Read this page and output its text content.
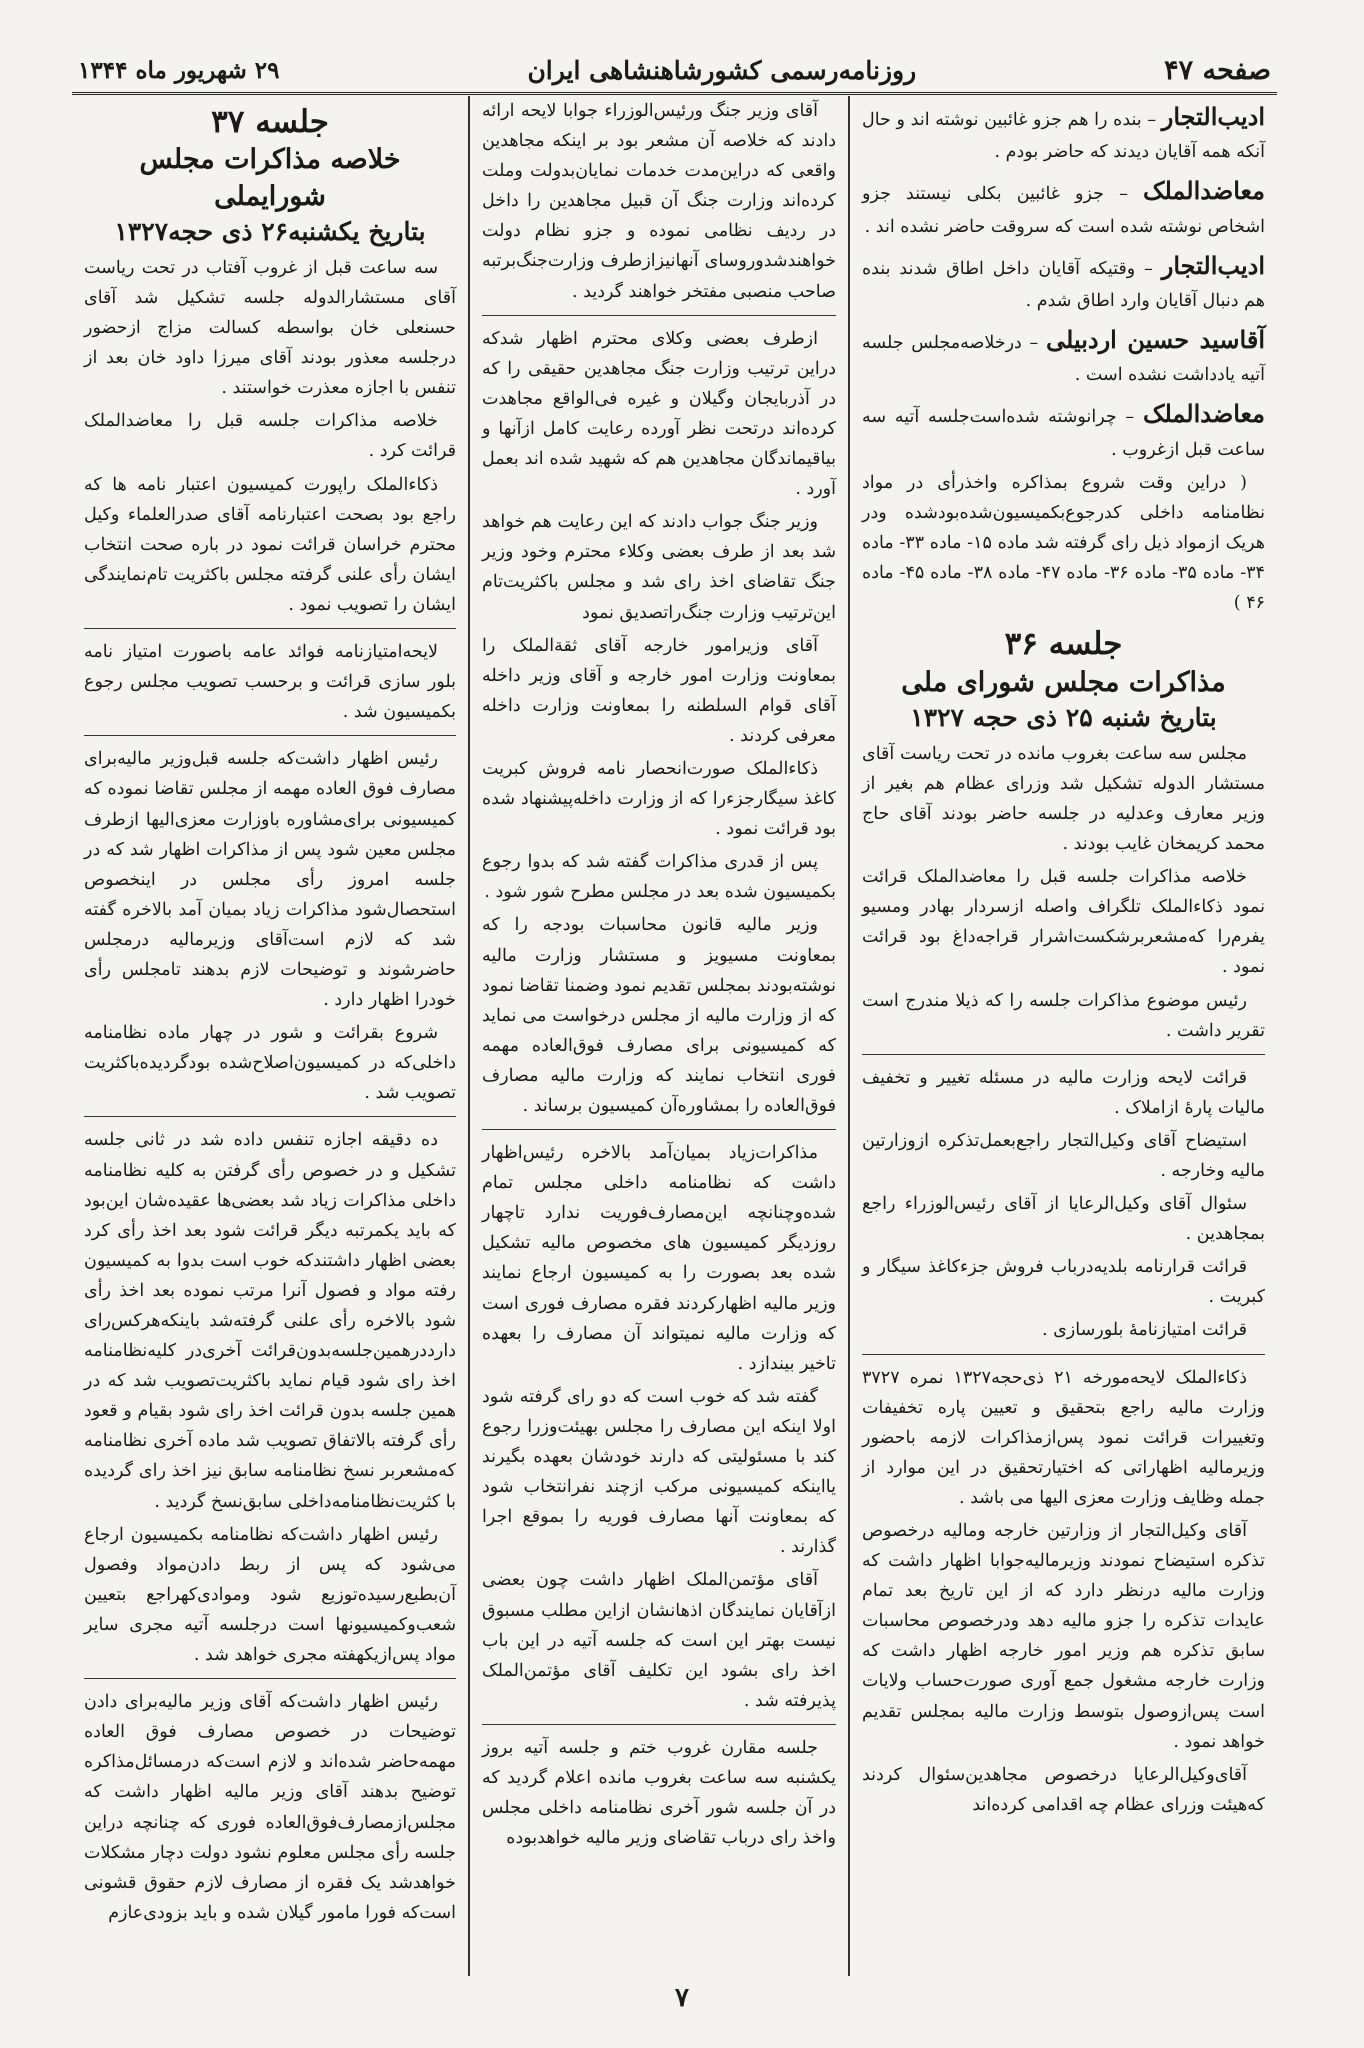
صفحه ۴۷
روزنامه‌رسمی کشورشاهنشاهی ایران
۲۹ شهریور ماه ۱۳۴۴

ادیب‌التجار – بنده را هم جزو غائبین نوشته اند و حال آنکه همه آقایان دیدند که حاضر بودم .

معاضدالملک – جزو غائبین بکلی نیستند جزو اشخاص نوشته شده است که سروقت حاضر نشده اند .

ادیب‌التجار – وقتیکه آقایان داخل اطاق شدند بنده هم دنبال آقایان وارد اطاق شدم .

آقاسید حسین اردبیلی – درخلاصه‌مجلس جلسه آتیه یادداشت نشده است .

معاضدالملک – چرانوشته شده‌است‌جلسه آتیه سه ساعت قبل ازغروب .

( دراین وقت شروع بمذاکره واخذرأی در مواد نظامنامه داخلی کدرجوع‌بکمیسیون‌شده‌بودشده ودر هریک ازمواد ذیل رای گرفته شد ماده ۱۵- ماده ۳۳- ماده ۳۴- ماده ۳۵- ماده ۳۶- ماده ۴۷- ماده ۳۸- ماده ۴۵- ماده ۴۶ )

جلسه ۳۶
مذاکرات مجلس شورای ملی
بتاریخ شنبه ۲۵ ذی حجه ۱۳۲۷

مجلس سه ساعت بغروب مانده در تحت ریاست آقای مستشار الدوله تشکیل شد وزرای عظام هم بغیر از وزیر معارف وعدلیه در جلسه حاضر بودند آقای حاج محمد کریمخان غایب بودند .

خلاصه مذاکرات جلسه قبل را معاضدالملک قرائت نمود ذکاءالملک تلگراف واصله ازسردار بهادر ومسیو یفرم‌را که‌مشعربرشکست‌اشرار قراجه‌داغ بود قرائت نمود .

رئیس موضوع مذاکرات جلسه را که ذیلا مندرج است تقریر داشت .

قرائت لایحه وزارت مالیه در مسئله تغییر و تخفیف مالیات پارهٔ ازاملاک .

استیضاح آقای وکیل‌التجار راجع‌بعمل‌تذکره ازوزارتین مالیه وخارجه .

سئوال آقای وکیل‌الرعایا از آقای رئیس‌الوزراء راجع بمجاهدین .

قرائت قرارنامه بلدیه‌دربا‌ب فروش جزءکاغذ سیگار و کبریت .

قرائت امتیازنامهٔ بلورسازی .

ذکاءالملک لایحه‌مورخه ۲۱ ذی‌حجه‌۱۳۲۷ نمره ۳۷۲۷ وزارت مالیه راجع بتحقیق و تعیین پاره تخفیفات وتغییرات قرائت نمود پس‌ازمذاکرات لازمه باحضور وزیرمالیه اظهاراتی که اختیار‌تحقیق در این موارد از جمله وظایف وزارت معزی الیها می باشد .

آقای وکیل‌التجار از وزارتین خارجه ومالیه درخصوص تذکره استیضاح نمودند وزیرمالیه‌جوابا اظهار داشت که وزارت مالیه درنظر دارد که از این تاریخ بعد تمام عایدات تذکره را جزو مالیه دهد ودرخصوص محاسبات سابق تذکره هم وزیر امور خارجه اظهار داشت که وزارت خارجه مشغول جمع آوری صورت‌حساب ولایات است پس‌ازوصول بتوسط وزارت مالیه بمجلس تقدیم خواهد نمود .

آقای‌وکیل‌الرعایا درخصوص مجاهدین‌سئوال کردند که‌هیئت وزرای عظام چه اقدامی کرده‌اند

آقای وزیر جنگ ورئیس‌الوزراء جوابا لایحه ارائه دادند که خلاصه آن مشعر بود بر اینکه مجاهدین واقعی که دراین‌مدت خدمات نمایان‌بدولت وملت کرده‌اند وزارت جنگ آن قبیل مجاهدین را داخل در ردیف نظامی نموده و جزو نظام دولت خواهندشدوروسای آنهانیزازطرف وزارت‌جنگ‌برتبه صاحب منصبی مفتخر خواهند گردید .

ازطرف بعضی وکلای محترم اظهار شدکه دراین ترتیب وزارت جنگ مجاهدین حقیقی را که در آذربایجان وگیلان و غیره فی‌الواقع مجاهدت کرده‌اند درتحت نظر آورده رعایت کامل ازآنها و بیاقیماندگان مجاهدین هم که شهید شده اند بعمل آورد .

وزیر جنگ جواب دادند که این رعایت هم خواهد شد بعد از طرف بعضی وکلاء محترم وخود وزیر جنگ تقاضای اخذ رای شد و مجلس باکثریت‌تام این‌ترتیب وزارت جنگ‌راتصدیق نمود

آقای وزیرامور خارجه آقای ثقة‌الملک را بمعاونت وزارت امور خارجه و آقای وزیر داخله آقای قوام السلطنه را بمعاونت وزارت داخله معرفی کردند .

ذکاءالملک صورت‌انحصار نامه فروش کبریت کاغذ سیگارجزءرا که از وزارت داخله‌پیشنهاد شده بود قرائت نمود .

پس از قدری مذاکرات گفته شد که بدوا رجوع بکمیسیون شده بعد در مجلس مطرح شور شود .

وزیر مالیه قانون محاسبات بودجه را که بمعاونت مسیویز و مستشار وزارت مالیه نوشته‌بودند بمجلس تقدیم نمود وضمنا تقاضا نمود که از وزارت مالیه از مجلس درخواست می نماید که کمیسیونی برای مصارف فوق‌العاده مهمه فوری انتخاب نمایند که وزارت مالیه مصارف فوق‌العاده را بمشاوره‌آن کمیسیون برساند .

مذاکرات‌زیاد بمیان‌آمد بالاخره رئیس‌اظهار داشت که نظامنامه داخلی مجلس تمام شده‌وچنانچه این‌مصارف‌فوریت ندارد تاچهار روزدیگر کمیسیون های مخصوص مالیه تشکیل شده بعد بصورت را به کمیسیون ارجاع نمایند وزیر مالیه اظهارکردند فقره مصارف فوری است که وزارت مالیه نمیتواند آن مصارف را بعهده تاخیر بیندازد .

گفته شد که خوب است که دو رای گرفته شود اولا اینکه این مصارف را مجلس بهیئت‌وزرا رجوع کند با مسئولیتی که دارند خودشان بعهده بگیرند یااینکه کمیسیونی مرکب ازچند نفرانتخاب شود که بمعاونت آنها مصارف فوریه را بموقع اجرا گذارند .

آقای مؤتمن‌الملک اظهار داشت چون بعضی ازآقایان نمایندگان اذهانشان ازاین مطلب مسبوق نیست بهتر این است که جلسه آتیه در این باب اخذ رای بشود این تکلیف آقای مؤتمن‌الملک پذیرفته شد .

جلسه مقارن غروب ختم و جلسه آتیه بروز یکشنبه سه ساعت بغروب مانده اعلام گردید که در آن جلسه شور آخری نظامنامه داخلی مجلس واخذ رای دربا‌ب تقاضای وزیر مالیه خواهدبوده

جلسه ۳۷
خلاصه مذاکرات مجلس شورایملی
بتاریخ یکشنبه۲۶ ذی حجه۱۳۲۷

سه ساعت قبل از غروب آفتاب در تحت ریاست آقای مستشارالدوله جلسه تشکیل شد آقای حسنعلی خان بواسطه کسالت مزاج ازحضور درجلسه معذور بودند آقای میرزا داود خان بعد از تنفس با اجازه معذرت خواستند .

خلاصه مذاکرات جلسه قبل را معاضدالملک قرائت کرد .

ذکاءالملک راپورت کمیسیون اعتبار نامه ها که راجع بود بصحت اعتبارنامه آقای صدرالعلماء وکیل محترم خراسان قرائت نمود در باره صحت انتخاب ایشان رأی علنی گرفته مجلس باکثریت تام‌نمایندگی ایشان را تصویب نمود .

لایحه‌امتیازنامه فوائد عامه باصورت امتیاز نامه بلور سازی قرائت و برحسب تصویب مجلس رجوع بکمیسیون شد .

رئیس اظهار داشت‌که جلسه قبل‌وزیر مالیه‌برای مصارف فوق العاده مهمه از مجلس تقاضا نموده که کمیسیونی برای‌مشاوره باوزارت معزی‌الیها ازطرف مجلس معین شود پس از مذاکرات اظهار شد که در جلسه امروز رأی مجلس در اینخصوص استحصال‌شود مذاکرات زیاد بمیان آمد بالاخره گفته شد که لازم است‌آقای وزیرمالیه درمجلس حاضرشوند و توضیحات لازم بدهند تامجلس رأی خودرا اظهار دارد .

شروع بقرائت و شور در چهار ماده نظامنامه داخلی‌که در کمیسیون‌اصلاح‌شده بودگردیده‌باکثریت تصویب شد .

ده دقیقه اجازه تنفس داده شد در ثانی جلسه تشکیل و در خصوص رأی گرفتن به کلیه نظامنامه داخلی مذاکرات زیاد شد بعضی‌ها عقیده‌شان این‌بود که باید یکمرتبه دیگر قرائت شود بعد اخذ رأی کرد بعضی اظهار داشتندکه خوب است بدوا به کمیسیون رفته مواد و فصول آنرا مرتب نموده بعد اخذ رأی شود بالاخره رأی علنی گرفته‌شد باینکه‌هرکس‌رای دارددرهمین‌جلسه‌بدون‌قرائت آخری‌در کلیه‌نظامنامه اخذ رای شود قیام نماید باکثریت‌تصویب شد که در همین جلسه بدون قرائت اخذ رای شود بقیام و قعود رأی گرفته بالاتفاق تصویب شد ماده آخری نظامنامه که‌مشعربر نسخ نظامنامه سابق نیز اخذ رای گردیده با کثریت‌نظامنامه‌داخلی سابق‌نسخ گردید .

رئیس اظهار داشت‌که نظامنامه بکمیسیون ارجاع می‌شود که پس از ربط دادن‌مواد وفصول آن‌بطبع‌رسیده‌توزیع شود وموادی‌کهراجع بتعیین شعب‌وکمیسیونها است درجلسه آتیه مجری سایر مواد پس‌ازیکهفته مجری خواهد شد .

رئیس اظهار داشت‌که آقای وزیر مالیه‌برای دادن توضیحات در خصوص مصارف فوق العاده مهمه‌حاضر شده‌اند و لازم است‌که درمسائل‌مذاکره توضیح بدهند آقای وزیر مالیه اظهار داشت که مجلس‌ازمصارف‌فوق‌العاده فوری که چنانچه دراین جلسه رأی مجلس معلوم نشود دولت دچار مشکلات خواهدشد یک فقره از مصارف لازم حقوق قشونی است‌که فورا مامور گیلان شده و باید بزودی‌عازم

۷
